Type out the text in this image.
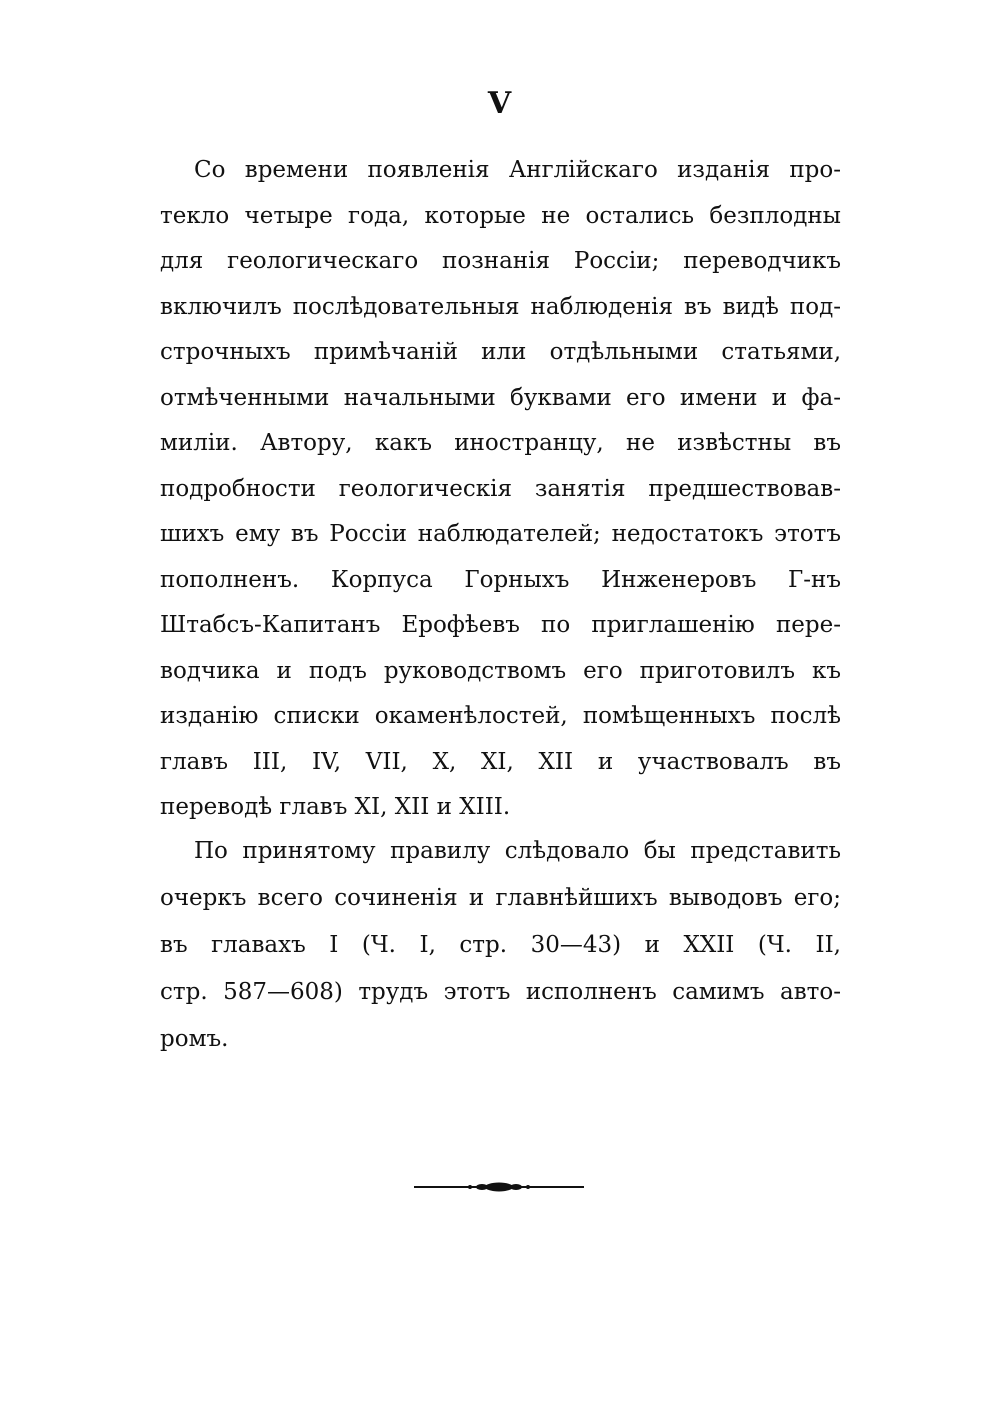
V
Со времени появленія Англійскаго изданія про-
текло четыре года, которые не остались безплодны
для геологическаго познанія Россіи; переводчикъ
включилъ послѣдовательныя наблюденія въ видѣ под-
строчныхъ примѣчаній или отдѣльными статьями,
отмѣченными начальными буквами его имени и фа-
миліи. Автору, какъ иностранцу, не извѣстны въ
подробности геологическія занятія предшествовав-
шихъ ему въ Россіи наблюдателей; недостатокъ этотъ
пополненъ. Корпуса Горныхъ Инженеровъ Г-нъ
Штабсъ-Капитанъ Ерофѣевъ по приглашенію пере-
водчика и подъ руководствомъ его приготовилъ къ
изданію списки окаменѣлостей, помѣщенныхъ послѣ
главъ III, IV, VII, X, XI, XII и участвовалъ въ
переводѣ главъ XI, XII и XIII.
По принятому правилу слѣдовало бы представить
очеркъ всего сочиненія и главнѣйшихъ выводовъ его;
въ главахъ I (Ч. I, стр. 30—43) и XXII (Ч. II,
стр. 587—608) трудъ этотъ исполненъ самимъ авто-
ромъ.
